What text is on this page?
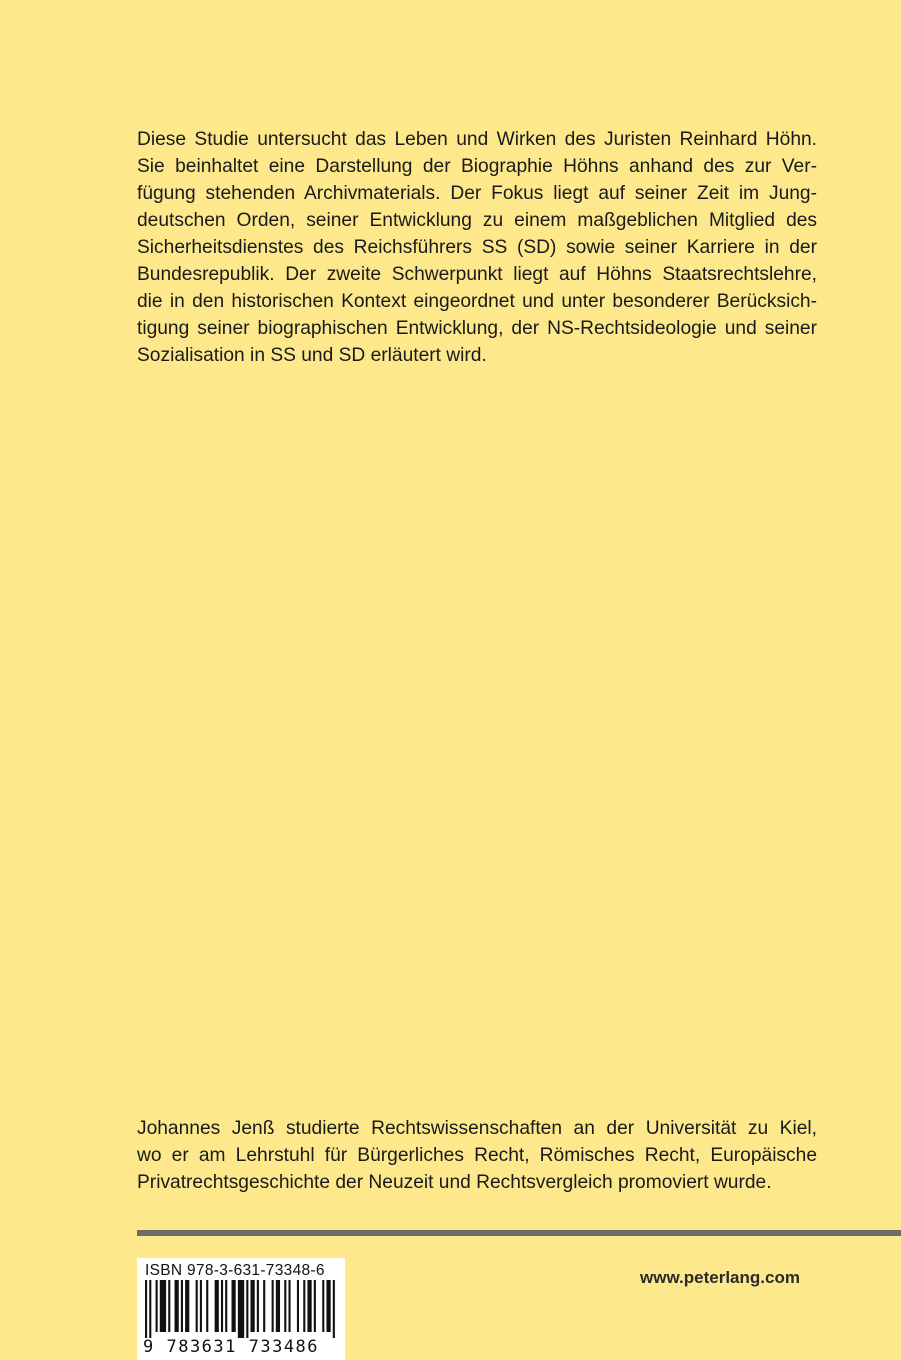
Diese Studie untersucht das Leben und Wirken des Juristen Reinhard Höhn.
Sie beinhaltet eine Darstellung der Biographie Höhns anhand des zur Ver-
fügung stehenden Archivmaterials. Der Fokus liegt auf seiner Zeit im Jung-
deutschen Orden, seiner Entwicklung zu einem maßgeblichen Mitglied des
Sicherheitsdienstes des Reichsführers SS (SD) sowie seiner Karriere in der
Bundesrepublik. Der zweite Schwerpunkt liegt auf Höhns Staatsrechtslehre,
die in den historischen Kontext eingeordnet und unter besonderer Berücksich-
tigung seiner biographischen Entwicklung, der NS-Rechtsideologie und seiner
Sozialisation in SS und SD erläutert wird.
Johannes Jenß studierte Rechtswissenschaften an der Universität zu Kiel,
wo er am Lehrstuhl für Bürgerliches Recht, Römisches Recht, Europäische
Privatrechtsgeschichte der Neuzeit und Rechtsvergleich promoviert wurde.
ISBN 978-3-631-73348-6
9 783631 733486
www.peterlang.com
